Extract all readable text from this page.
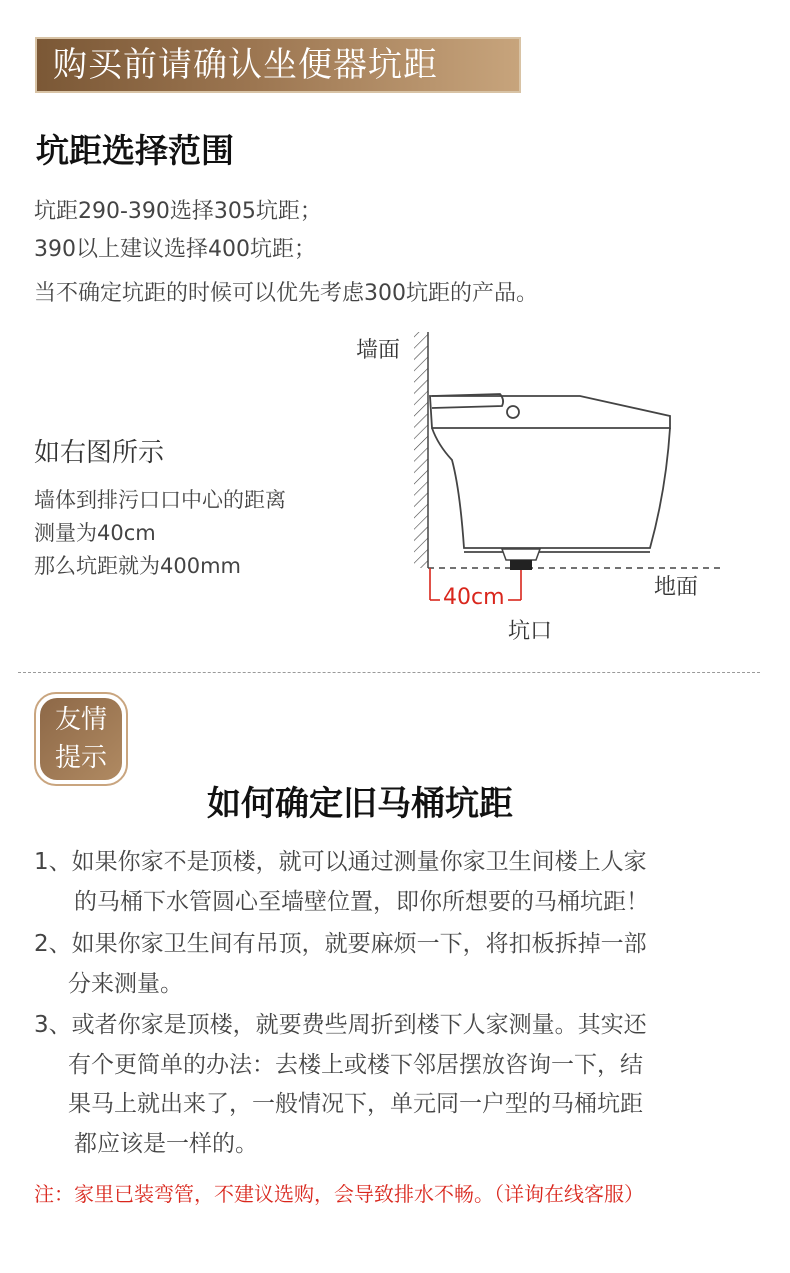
购买前请确认坐便器坑距
坑距选择范围
坑距290-390选择305坑距；
390以上建议选择400坑距；
当不确定坑距的时候可以优先考虑300坑距的产品。
如右图所示
墙体到排污口口中心的距离
测量为40cm
那么坑距就为400mm
墙面
40cm	地面
坑口
友情
提示
如何确定旧马桶坑距
1、如果你家不是顶楼，就可以通过测量你家卫生间楼上人家
的马桶下水管圆心至墙壁位置，即你所想要的马桶坑距！
2、如果你家卫生间有吊顶，就要麻烦一下，将扣板拆掉一部
分来测量。
3、或者你家是顶楼，就要费些周折到楼下人家测量。其实还
有个更简单的办法：去楼上或楼下邻居摆放咨询一下，结
果马上就出来了，一般情况下，单元同一户型的马桶坑距
都应该是一样的。
注：家里已装弯管，不建议选购，会导致排水不畅。（详询在线客服）
